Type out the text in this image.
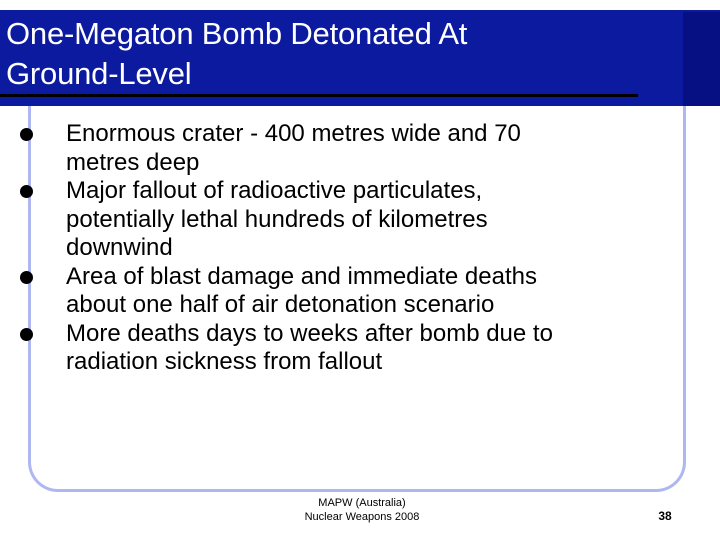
One-Megaton Bomb Detonated At
Ground-Level
Enormous crater - 400 metres wide and 70
metres deep
Major fallout of radioactive particulates,
potentially lethal hundreds of kilometres
downwind
Area of blast damage and immediate deaths
about one half of air detonation scenario
More deaths days to weeks after bomb due to
radiation sickness from fallout
MAPW (Australia)
Nuclear Weapons 2008	38
